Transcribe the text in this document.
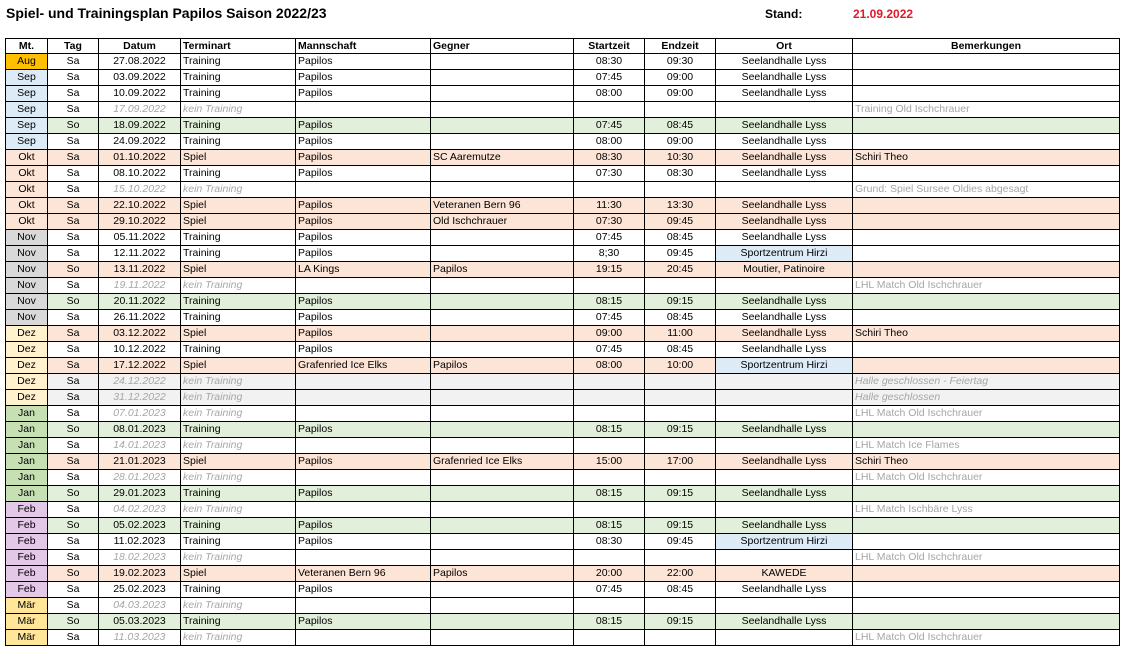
Spiel- und Trainingsplan Papilos Saison 2022/23	Stand:	21.09.2022
Mt.	Tag	Datum	Terminart	Mannschaft	Gegner	Startzeit	Endzeit	Ort	Bemerkungen
Aug	Sa	27.08.2022	Training	Papilos		08:30	09:30	Seelandhalle Lyss	
Sep	Sa	03.09.2022	Training	Papilos		07:45	09:00	Seelandhalle Lyss	
Sep	Sa	10.09.2022	Training	Papilos		08:00	09:00	Seelandhalle Lyss	
Sep	Sa	17.09.2022	kein Training						Training Old Ischchrauer
Sep	So	18.09.2022	Training	Papilos		07:45	08:45	Seelandhalle Lyss	
Sep	Sa	24.09.2022	Training	Papilos		08:00	09:00	Seelandhalle Lyss	
Okt	Sa	01.10.2022	Spiel	Papilos	SC Aaremutze	08:30	10:30	Seelandhalle Lyss	Schiri Theo
Okt	Sa	08.10.2022	Training	Papilos		07:30	08:30	Seelandhalle Lyss	
Okt	Sa	15.10.2022	kein Training						Grund: Spiel Sursee Oldies abgesagt
Okt	Sa	22.10.2022	Spiel	Papilos	Veteranen Bern 96	11:30	13:30	Seelandhalle Lyss	
Okt	Sa	29.10.2022	Spiel	Papilos	Old Ischchrauer	07:30	09:45	Seelandhalle Lyss	
Nov	Sa	05.11.2022	Training	Papilos		07:45	08:45	Seelandhalle Lyss	
Nov	Sa	12.11.2022	Training	Papilos		8;30	09:45	Sportzentrum Hirzi	
Nov	So	13.11.2022	Spiel	LA Kings	Papilos	19:15	20:45	Moutier, Patinoire	
Nov	Sa	19.11.2022	kein Training						LHL Match Old Ischchrauer
Nov	So	20.11.2022	Training	Papilos		08:15	09:15	Seelandhalle Lyss	
Nov	Sa	26.11.2022	Training	Papilos		07:45	08:45	Seelandhalle Lyss	
Dez	Sa	03.12.2022	Spiel	Papilos		09:00	11:00	Seelandhalle Lyss	Schiri Theo
Dez	Sa	10.12.2022	Training	Papilos		07:45	08:45	Seelandhalle Lyss	
Dez	Sa	17.12.2022	Spiel	Grafenried Ice Elks	Papilos	08:00	10:00	Sportzentrum Hirzi	
Dez	Sa	24.12.2022	kein Training						Halle geschlossen - Feiertag
Dez	Sa	31.12.2022	kein Training						Halle geschlossen
Jan	Sa	07.01.2023	kein Training						LHL Match Old Ischchrauer
Jan	So	08.01.2023	Training	Papilos		08:15	09:15	Seelandhalle Lyss	
Jan	Sa	14.01.2023	kein Training						LHL Match Ice Flames
Jan	Sa	21.01.2023	Spiel	Papilos	Grafenried Ice Elks	15:00	17:00	Seelandhalle Lyss	Schiri Theo
Jan	Sa	28.01.2023	kein Training						LHL Match Old Ischchrauer
Jan	So	29.01.2023	Training	Papilos		08:15	09:15	Seelandhalle Lyss	
Feb	Sa	04.02.2023	kein Training						LHL Match Ischbäre Lyss
Feb	So	05.02.2023	Training	Papilos		08:15	09:15	Seelandhalle Lyss	
Feb	Sa	11.02.2023	Training	Papilos		08:30	09:45	Sportzentrum Hirzi	
Feb	Sa	18.02.2023	kein Training						LHL Match Old Ischchrauer
Feb	So	19.02.2023	Spiel	Veteranen Bern 96	Papilos	20:00	22:00	KAWEDE	
Feb	Sa	25.02.2023	Training	Papilos		07:45	08:45	Seelandhalle Lyss	
Mär	Sa	04.03.2023	kein Training						
Mär	So	05.03.2023	Training	Papilos		08:15	09:15	Seelandhalle Lyss	
Mär	Sa	11.03.2023	kein Training						LHL Match Old Ischchrauer
